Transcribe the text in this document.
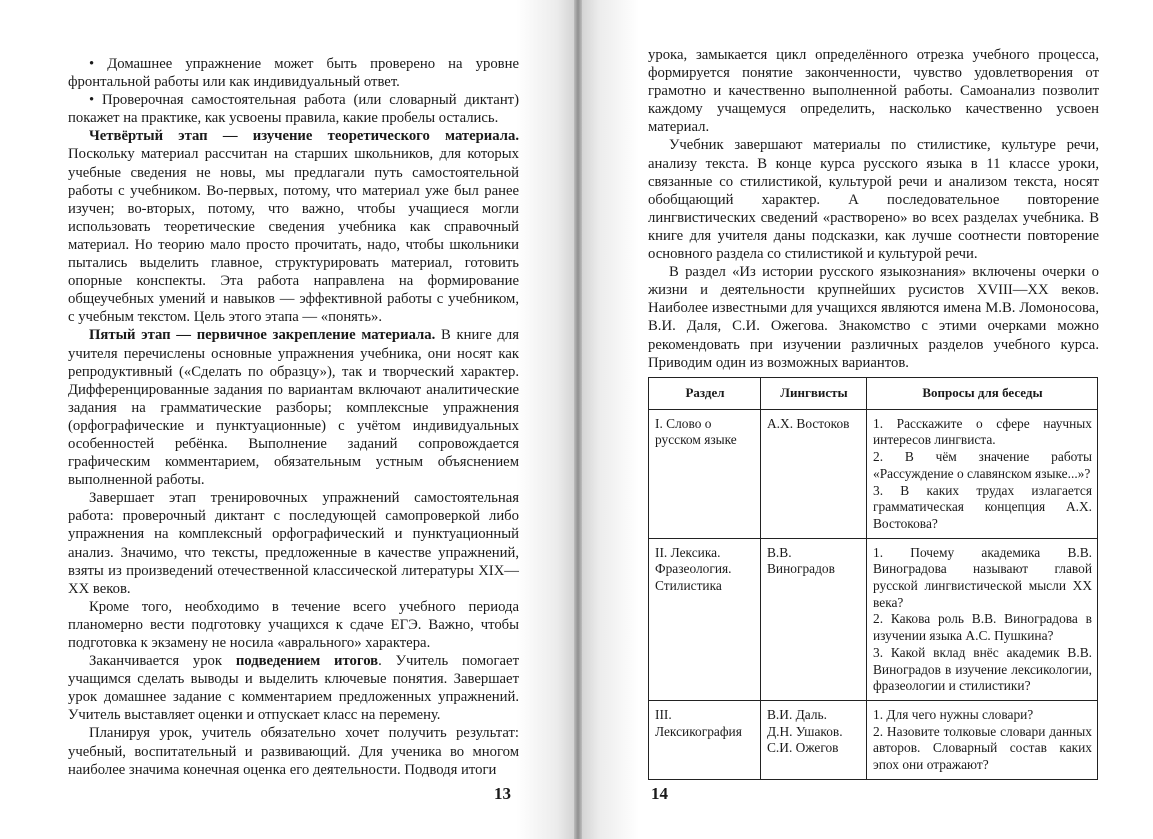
• Домашнее упражнение может быть проверено на уровне фронтальной работы или как индивидуальный ответ.

• Проверочная самостоятельная работа (или словарный диктант) покажет на практике, как усвоены правила, какие пробелы остались.

Четвёртый этап — изучение теоретического материала. Поскольку материал рассчитан на старших школьников, для которых учебные сведения не новы, мы предлагали путь самостоятельной работы с учебником. Во-первых, потому, что материал уже был ранее изучен; во-вторых, потому, что важно, чтобы учащиеся могли использовать теоретические сведения учебника как справочный материал. Но теорию мало просто прочитать, надо, чтобы школьники пытались выделить главное, структурировать материал, готовить опорные конспекты. Эта работа направлена на формирование общеучебных умений и навыков — эффективной работы с учебником, с учебным текстом. Цель этого этапа — «понять».

Пятый этап — первичное закрепление материала. В книге для учителя перечислены основные упражнения учебника, они носят как репродуктивный («Сделать по образцу»), так и творческий характер. Дифференцированные задания по вариантам включают аналитические задания на грамматические разборы; комплексные упражнения (орфографические и пунктуационные) с учётом индивидуальных особенностей ребёнка. Выполнение заданий сопровождается графическим комментарием, обязательным устным объяснением выполненной работы.

Завершает этап тренировочных упражнений самостоятельная работа: проверочный диктант с последующей самопроверкой либо упражнения на комплексный орфографический и пунктуационный анализ. Значимо, что тексты, предложенные в качестве упражнений, взяты из произведений отечественной классической литературы XIX—XX веков.

Кроме того, необходимо в течение всего учебного периода планомерно вести подготовку учащихся к сдаче ЕГЭ. Важно, чтобы подготовка к экзамену не носила «аврального» характера.

Заканчивается урок подведением итогов. Учитель помогает учащимся сделать выводы и выделить ключевые понятия. Завершает урок домашнее задание с комментарием предложенных упражнений. Учитель выставляет оценки и отпускает класс на перемену.

Планируя урок, учитель обязательно хочет получить результат: учебный, воспитательный и развивающий. Для ученика во многом наиболее значима конечная оценка его деятельности. Подводя итоги

13

урока, замыкается цикл определённого отрезка учебного процесса, формируется понятие законченности, чувство удовлетворения от грамотно и качественно выполненной работы. Самоанализ позволит каждому учащемуся определить, насколько качественно усвоен материал.

Учебник завершают материалы по стилистике, культуре речи, анализу текста. В конце курса русского языка в 11 классе уроки, связанные со стилистикой, культурой речи и анализом текста, носят обобщающий характер. А последовательное повторение лингвистических сведений «растворено» во всех разделах учебника. В книге для учителя даны подсказки, как лучше соотнести повторение основного раздела со стилистикой и культурой речи.

В раздел «Из истории русского языкознания» включены очерки о жизни и деятельности крупнейших русистов XVIII—XX веков. Наиболее известными для учащихся являются имена М.В. Ломоносова, В.И. Даля, С.И. Ожегова. Знакомство с этими очерками можно рекомендовать при изучении различных разделов учебного курса. Приводим один из возможных вариантов.

Раздел	Лингвисты	Вопросы для беседы
I. Слово о русском языке	А.Х. Востоков	1. Расскажите о сфере научных интересов лингвиста.
2. В чём значение работы «Рассуждение о славянском языке...»?
3. В каких трудах излагается грамматическая концепция А.Х. Востокова?

II. Лексика. Фразеология. Стилистика	В.В. Виноградов	1. Почему академика В.В. Виноградова называют главой русской лингвистической мысли XX века?
2. Какова роль В.В. Виноградова в изучении языка А.С. Пушкина?
3. Какой вклад внёс академик В.В. Виноградов в изучение лексикологии, фразеологии и стилистики?

III. Лексикография	В.И. Даль.
Д.Н. Ушаков.
С.И. Ожегов	1. Для чего нужны словари?
2. Назовите толковые словари данных авторов. Словарный состав каких эпох они отражают?
14
